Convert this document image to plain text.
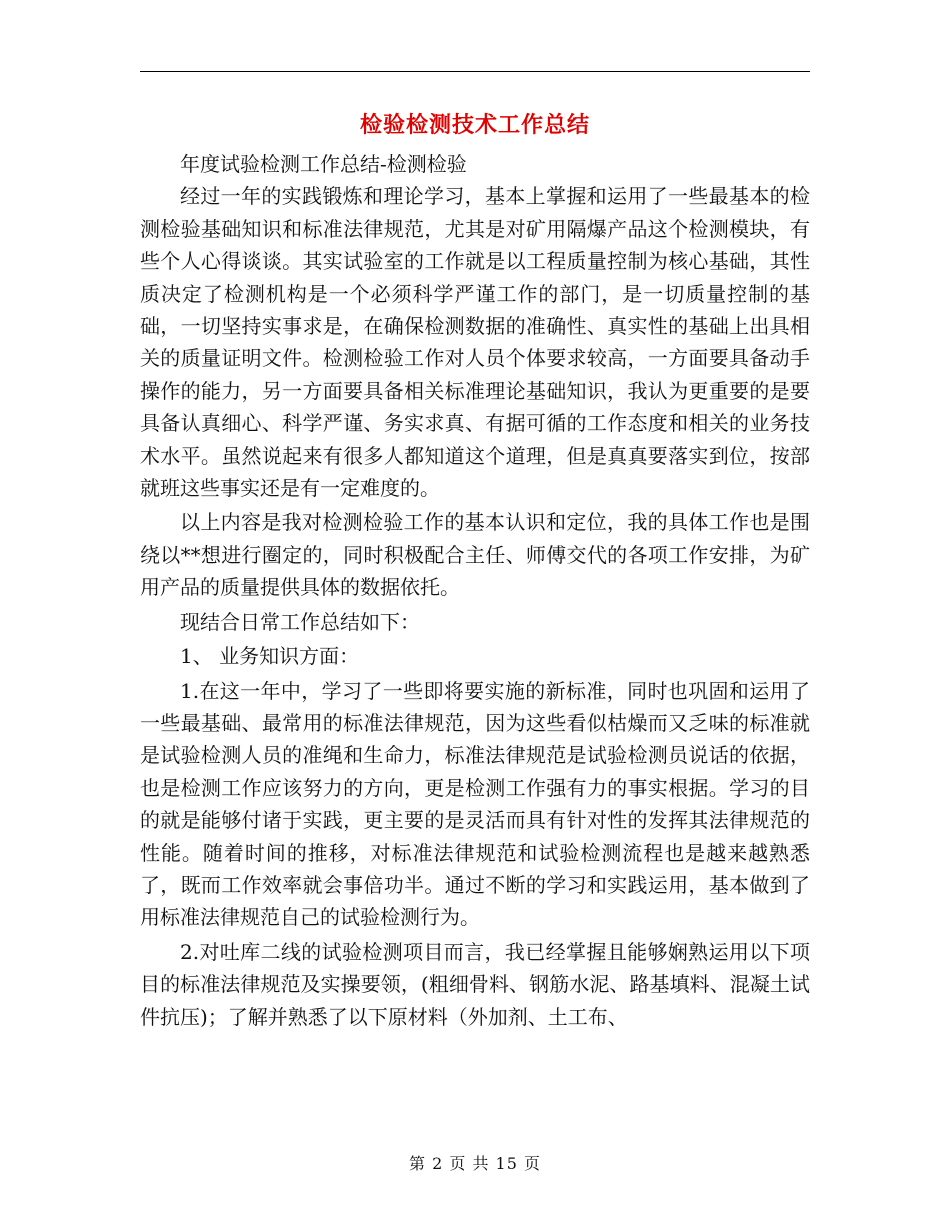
检验检测技术工作总结

年度试验检测工作总结-检测检验

经过一年的实践锻炼和理论学习，基本上掌握和运用了一些最基本的检测检验基础知识和标准法律规范，尤其是对矿用隔爆产品这个检测模块，有些个人心得谈谈。其实试验室的工作就是以工程质量控制为核心基础，其性质决定了检测机构是一个必须科学严谨工作的部门，是一切质量控制的基础，一切坚持实事求是，在确保检测数据的准确性、真实性的基础上出具相关的质量证明文件。检测检验工作对人员个体要求较高，一方面要具备动手操作的能力，另一方面要具备相关标准理论基础知识，我认为更重要的是要具备认真细心、科学严谨、务实求真、有据可循的工作态度和相关的业务技术水平。虽然说起来有很多人都知道这个道理，但是真真要落实到位，按部就班这些事实还是有一定难度的。

以上内容是我对检测检验工作的基本认识和定位，我的具体工作也是围绕以**想进行圈定的，同时积极配合主任、师傅交代的各项工作安排，为矿用产品的质量提供具体的数据依托。

现结合日常工作总结如下：

1、 业务知识方面：

1.在这一年中，学习了一些即将要实施的新标准，同时也巩固和运用了一些最基础、最常用的标准法律规范，因为这些看似枯燥而又乏味的标准就是试验检测人员的准绳和生命力，标准法律规范是试验检测员说话的依据，也是检测工作应该努力的方向，更是检测工作强有力的事实根据。学习的目的就是能够付诸于实践，更主要的是灵活而具有针对性的发挥其法律规范的性能。随着时间的推移，对标准法律规范和试验检测流程也是越来越熟悉了，既而工作效率就会事倍功半。通过不断的学习和实践运用，基本做到了用标准法律规范自己的试验检测行为。

2.对吐库二线的试验检测项目而言，我已经掌握且能够娴熟运用以下项目的标准法律规范及实操要领，(粗细骨料、钢筋水泥、路基填料、混凝土试件抗压)；了解并熟悉了以下原材料（外加剂、土工布、

第 2 页 共 15 页
